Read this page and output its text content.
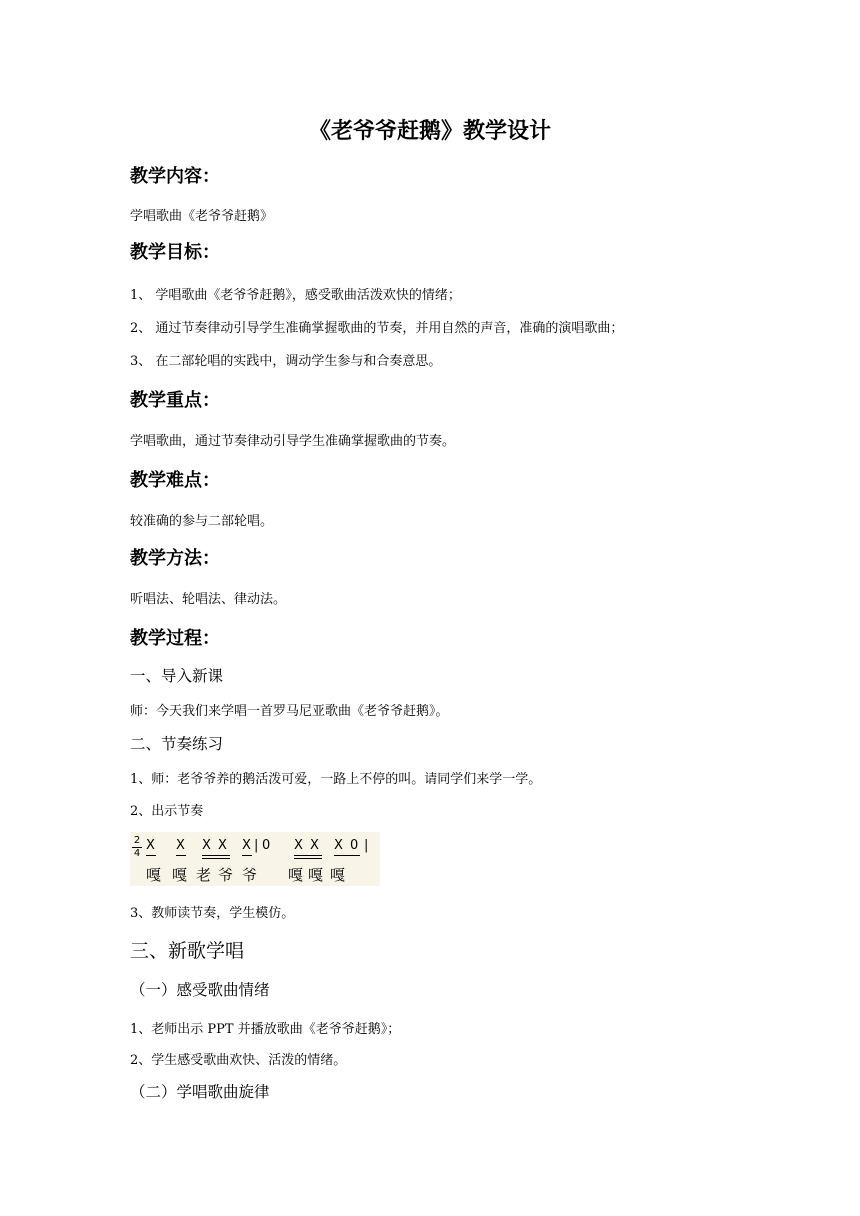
《老爷爷赶鹅》教学设计
教学内容：
学唱歌曲《老爷爷赶鹅》
教学目标：
1、 学唱歌曲《老爷爷赶鹅》，感受歌曲活泼欢快的情绪；
2、 通过节奏律动引导学生准确掌握歌曲的节奏，并用自然的声音，准确的演唱歌曲；
3、 在二部轮唱的实践中，调动学生参与和合奏意思。
教学重点：
学唱歌曲，通过节奏律动引导学生准确掌握歌曲的节奏。
教学难点：
较准确的参与二部轮唱。
教学方法：
听唱法、轮唱法、律动法。
教学过程：
一、导入新课
师：今天我们来学唱一首罗马尼亚歌曲《老爷爷赶鹅》。
二、节奏练习
1、师：老爷爷养的鹅活泼可爱，一路上不停的叫。请同学们来学一学。
2、出示节奏
2
4
X X X X X | 0 X X X 0 |
嘎 嘎 老 爷 爷 嘎 嘎 嘎
3、教师读节奏，学生模仿。
三、新歌学唱
（一）感受歌曲情绪
1、老师出示 PPT 并播放歌曲《老爷爷赶鹅》；
2、学生感受歌曲欢快、活泼的情绪。
（二）学唱歌曲旋律
